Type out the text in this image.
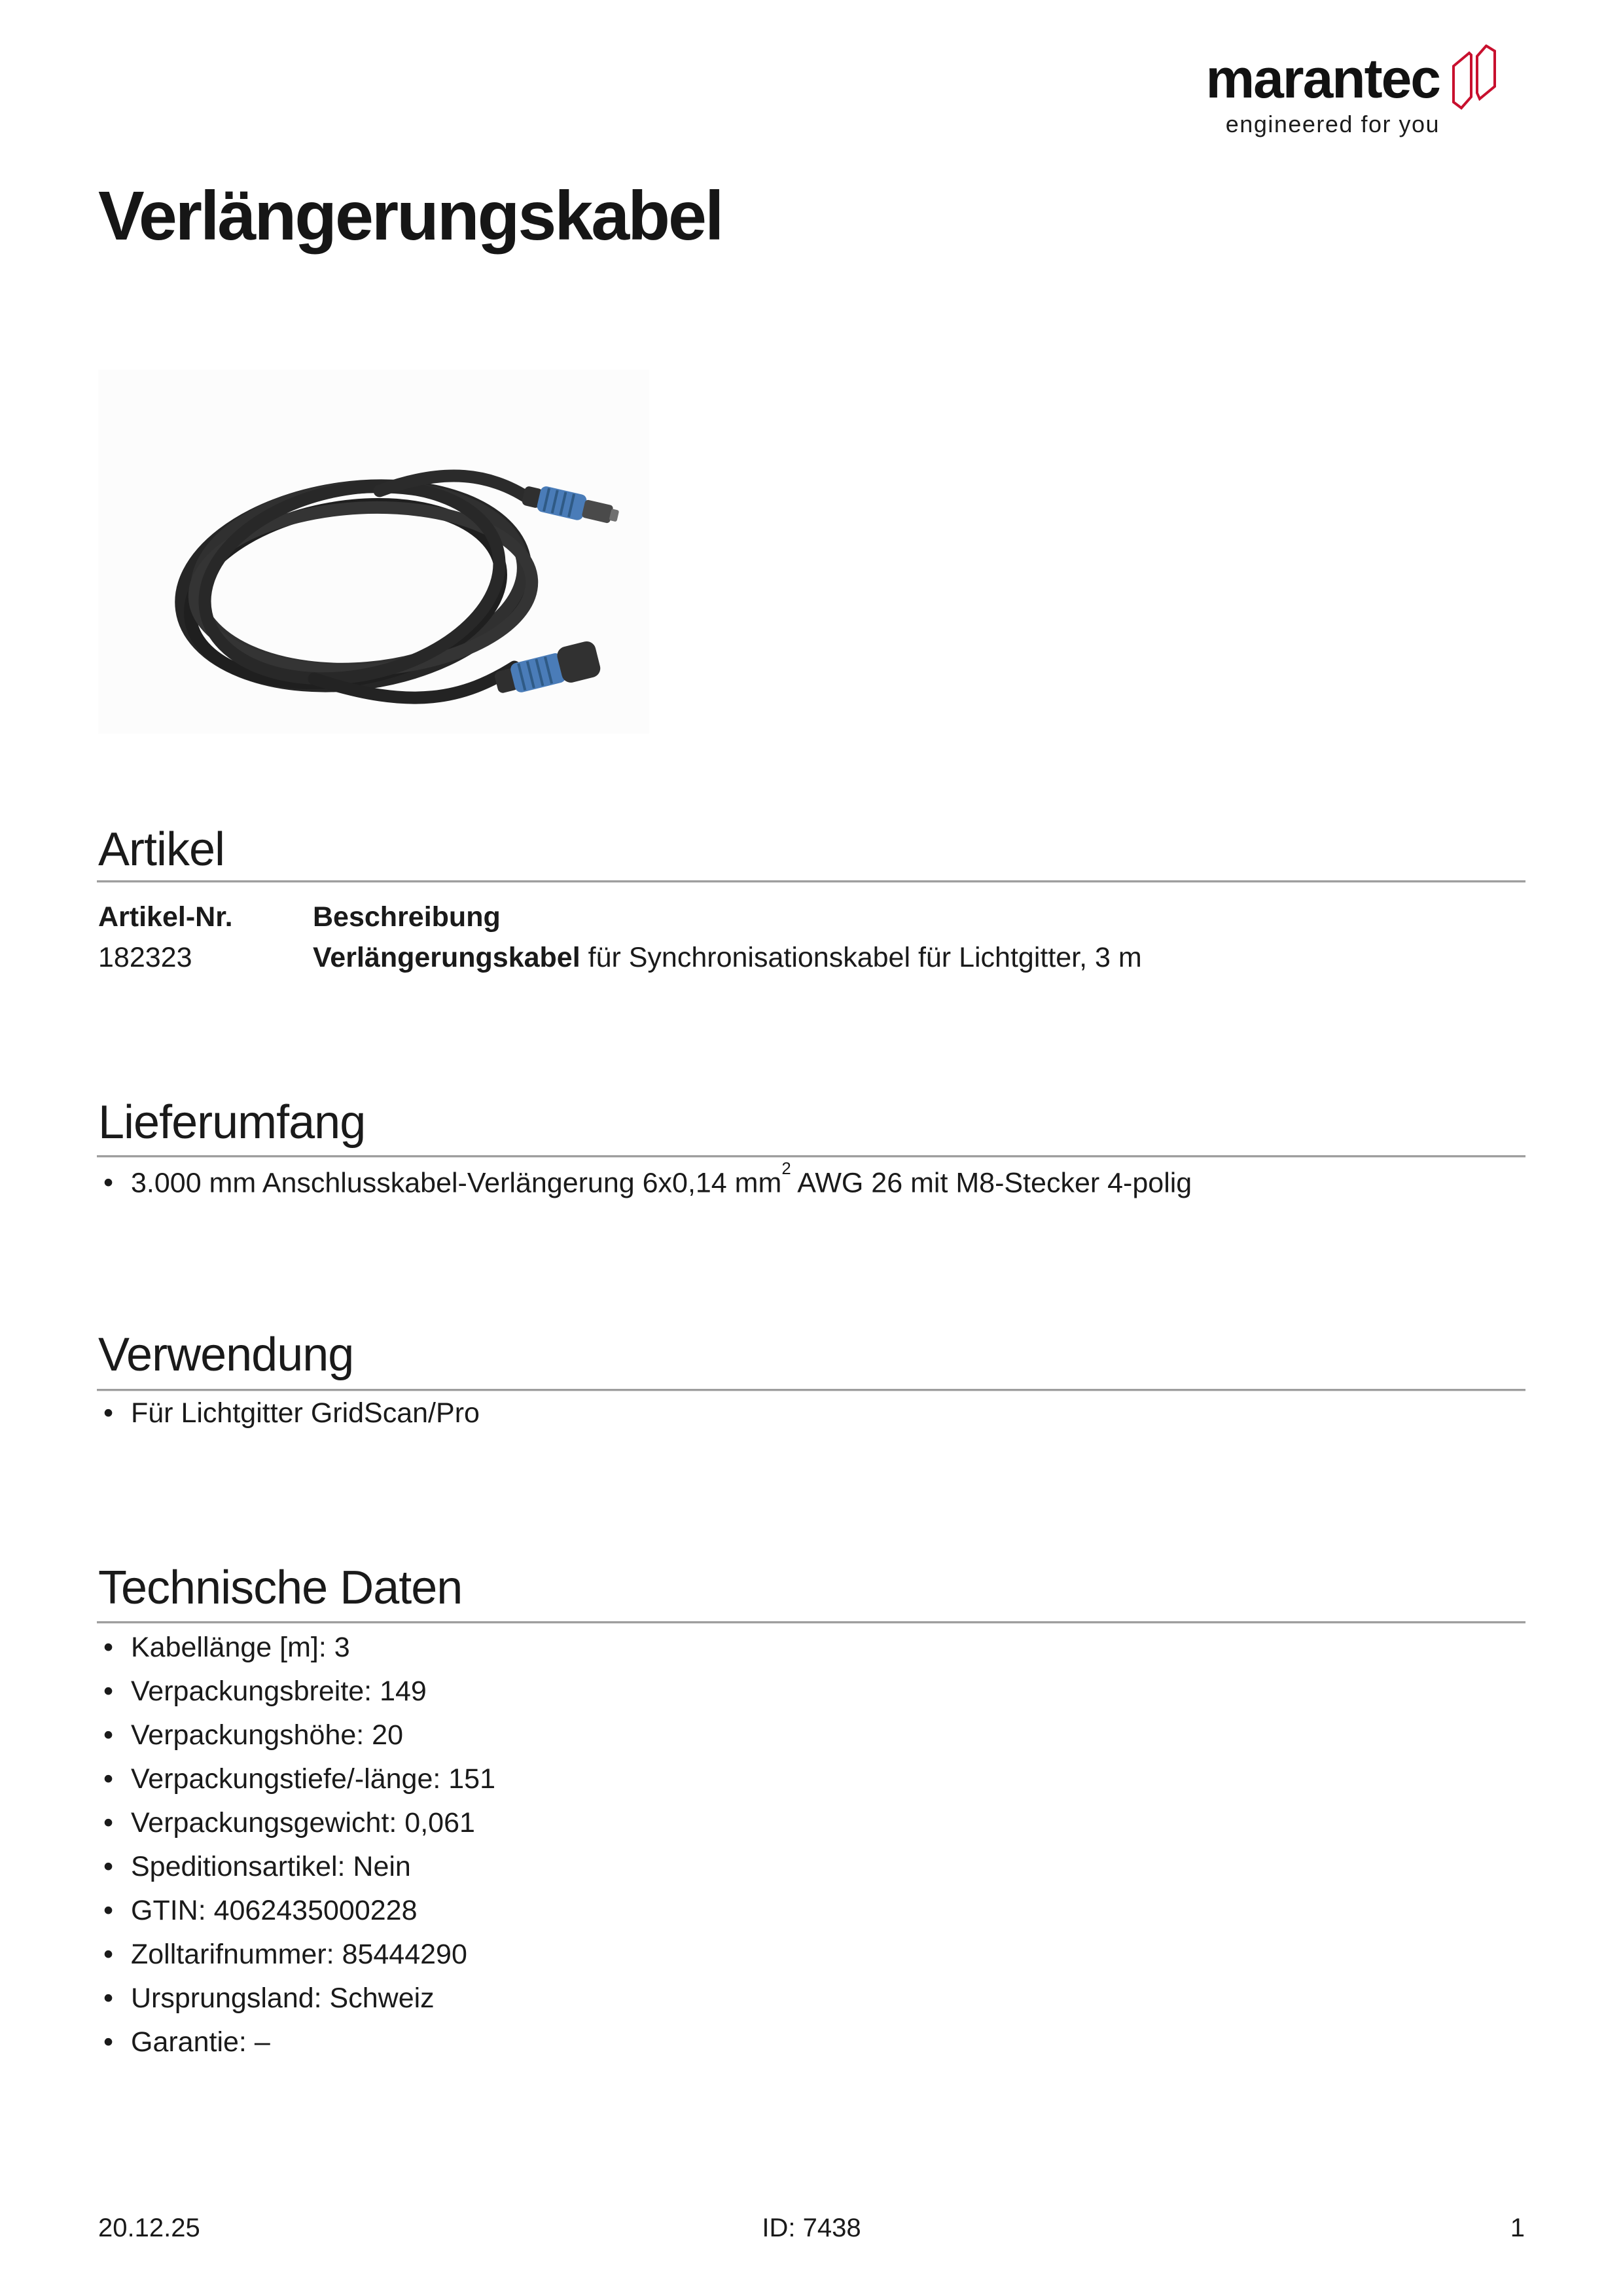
marantec
engineered for you
Verlängerungskabel
Artikel
Artikel-Nr.	Beschreibung
182323	Verlängerungskabel für Synchronisationskabel für Lichtgitter, 3 m
Lieferumfang
• 3.000 mm Anschlusskabel-Verlängerung 6x0,14 $mm^2$ AWG 26 mit M8-Stecker 4-polig
Verwendung
• Für Lichtgitter GridScan/Pro
Technische Daten
• Kabellänge [m]: 3
• Verpackungsbreite: 149
• Verpackungshöhe: 20
• Verpackungstiefe/-länge: 151
• Verpackungsgewicht: 0,061
• Speditionsartikel: Nein
• GTIN: 4062435000228
• Zolltarifnummer: 85444290
• Ursprungsland: Schweiz
• Garantie: –
20.12.25	ID: 7438	1
